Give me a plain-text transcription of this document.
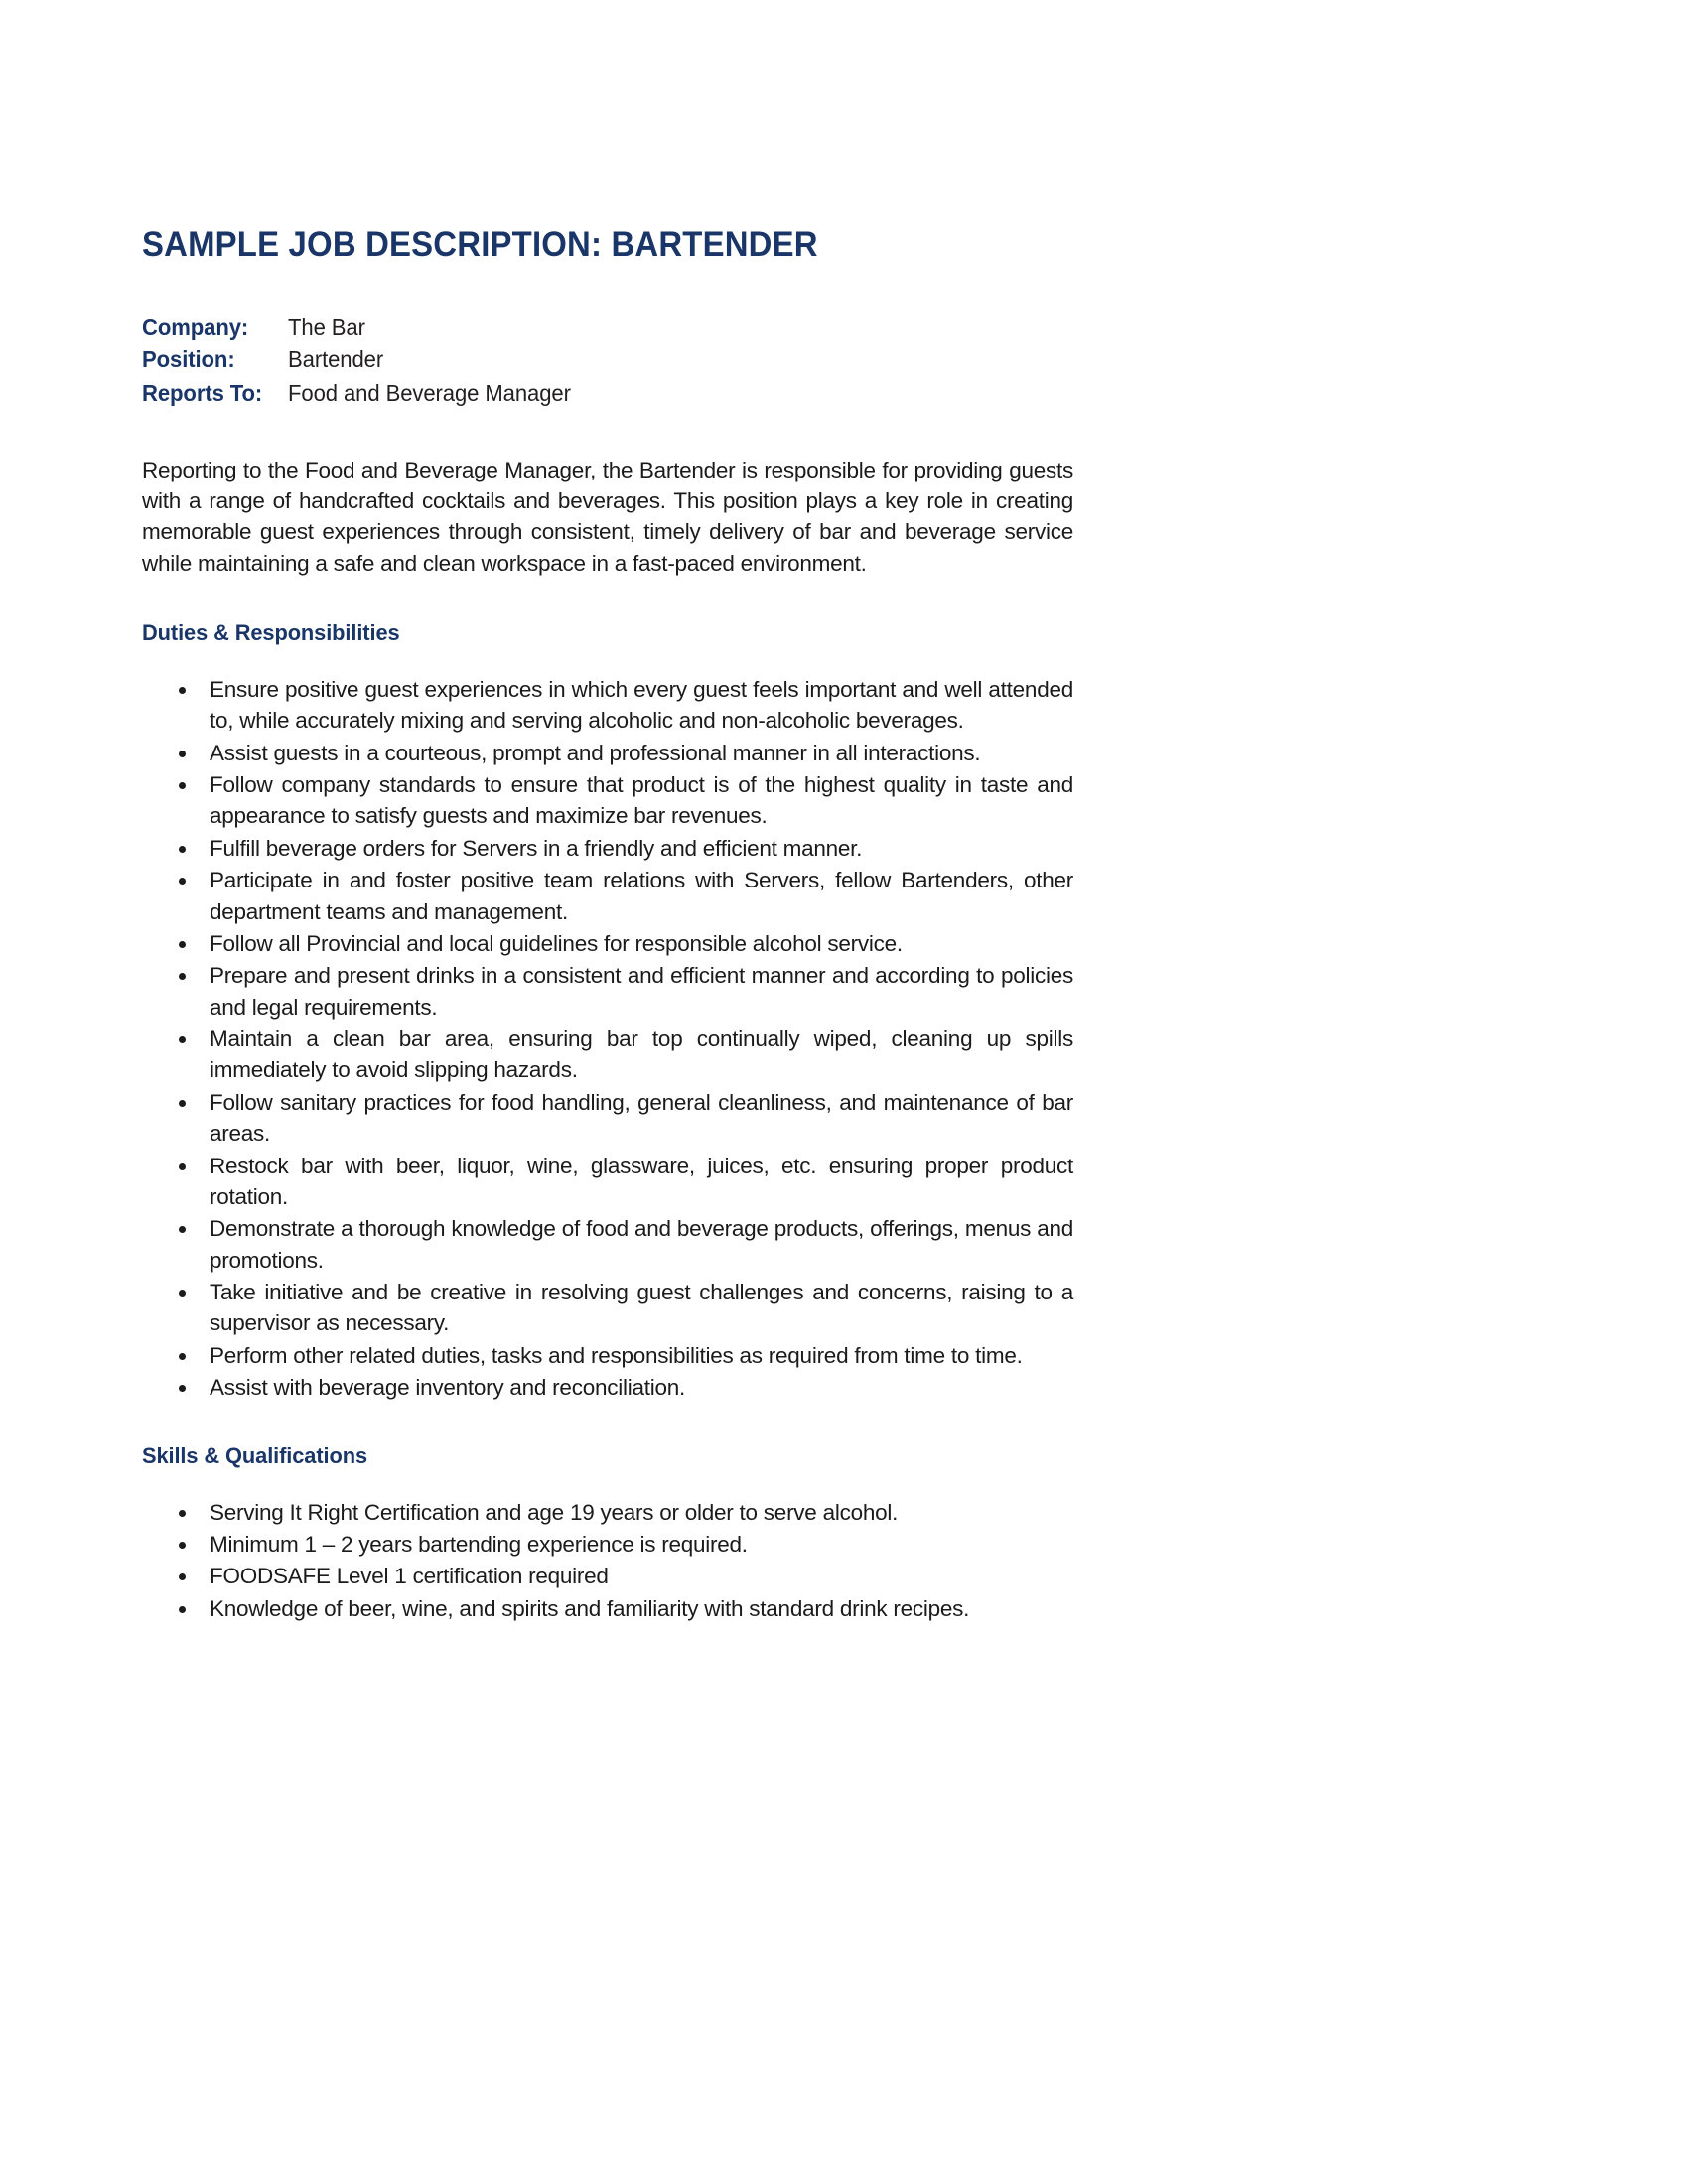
SAMPLE JOB DESCRIPTION: BARTENDER
Company:	The Bar
Position:	Bartender
Reports To:	Food and Beverage Manager

Reporting to the Food and Beverage Manager, the Bartender is responsible for providing guests with a range of handcrafted cocktails and beverages. This position plays a key role in creating memorable guest experiences through consistent, timely delivery of bar and beverage service while maintaining a safe and clean workspace in a fast-paced environment.

Duties & Responsibilities
Ensure positive guest experiences in which every guest feels important and well attended to, while accurately mixing and serving alcoholic and non-alcoholic beverages.
Assist guests in a courteous, prompt and professional manner in all interactions.
Follow company standards to ensure that product is of the highest quality in taste and appearance to satisfy guests and maximize bar revenues.
Fulfill beverage orders for Servers in a friendly and efficient manner.
Participate in and foster positive team relations with Servers, fellow Bartenders, other department teams and management.
Follow all Provincial and local guidelines for responsible alcohol service.
Prepare and present drinks in a consistent and efficient manner and according to policies and legal requirements.
Maintain a clean bar area, ensuring bar top continually wiped, cleaning up spills immediately to avoid slipping hazards.
Follow sanitary practices for food handling, general cleanliness, and maintenance of bar areas.
Restock bar with beer, liquor, wine, glassware, juices, etc. ensuring proper product rotation.
Demonstrate a thorough knowledge of food and beverage products, offerings, menus and promotions.
Take initiative and be creative in resolving guest challenges and concerns, raising to a supervisor as necessary.
Perform other related duties, tasks and responsibilities as required from time to time.
Assist with beverage inventory and reconciliation.
Skills & Qualifications
Serving It Right Certification and age 19 years or older to serve alcohol.
Minimum 1 – 2 years bartending experience is required.
FOODSAFE Level 1 certification required
Knowledge of beer, wine, and spirits and familiarity with standard drink recipes.
